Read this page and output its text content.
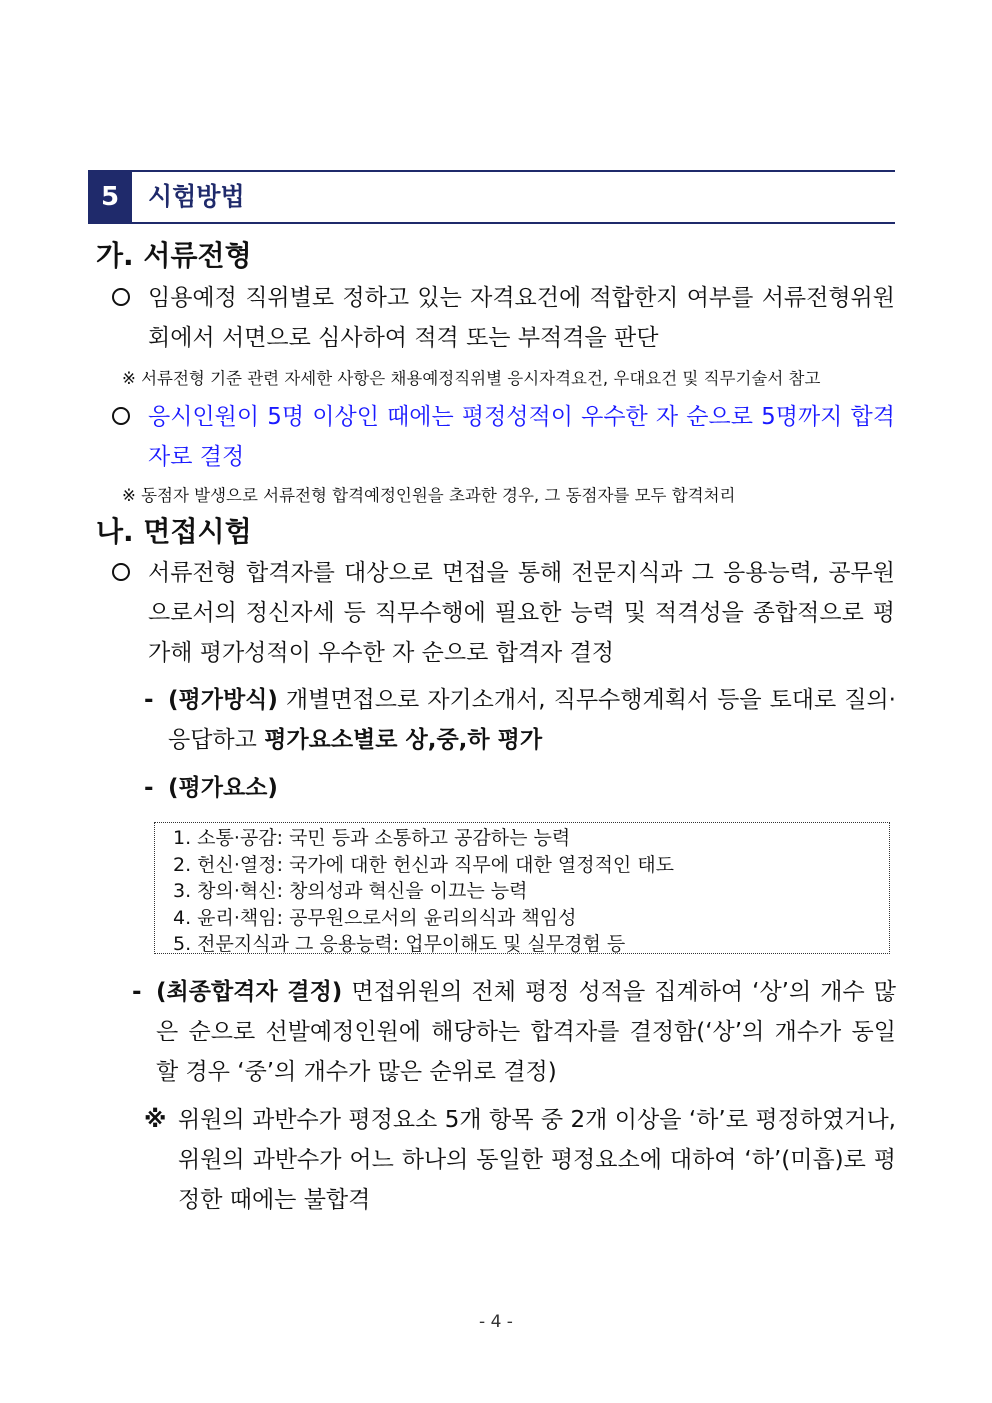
5	시험방법
가. 서류전형
임용예정 직위별로 정하고 있는 자격요건에 적합한지 여부를 서류전형위원회에서 서면으로 심사하여 적격 또는 부적격을 판단
※ 서류전형 기준 관련 자세한 사항은 채용예정직위별 응시자격요건, 우대요건 및 직무기술서 참고
응시인원이 5명 이상인 때에는 평정성적이 우수한 자 순으로 5명까지 합격자로 결정
※ 동점자 발생으로 서류전형 합격예정인원을 초과한 경우, 그 동점자를 모두 합격처리
나. 면접시험
서류전형 합격자를 대상으로 면접을 통해 전문지식과 그 응용능력, 공무원으로서의 정신자세 등 직무수행에 필요한 능력 및 적격성을 종합적으로 평가해 평가성적이 우수한 자 순으로 합격자 결정
- (평가방식) 개별면접으로 자기소개서, 직무수행계획서 등을 토대로 질의·응답하고 평가요소별로 상,중,하 평가
- (평가요소)
1. 소통·공감: 국민 등과 소통하고 공감하는 능력
2. 헌신·열정: 국가에 대한 헌신과 직무에 대한 열정적인 태도
3. 창의·혁신: 창의성과 혁신을 이끄는 능력
4. 윤리·책임: 공무원으로서의 윤리의식과 책임성
5. 전문지식과 그 응용능력: 업무이해도 및 실무경험 등
- (최종합격자 결정) 면접위원의 전체 평정 성적을 집계하여 ‘상’의 개수 많은 순으로 선발예정인원에 해당하는 합격자를 결정함(‘상’의 개수가 동일할 경우 ‘중’의 개수가 많은 순위로 결정)
※ 위원의 과반수가 평정요소 5개 항목 중 2개 이상을 ‘하’로 평정하였거나, 위원의 과반수가 어느 하나의 동일한 평정요소에 대하여 ‘하’(미흡)로 평정한 때에는 불합격
- 4 -
